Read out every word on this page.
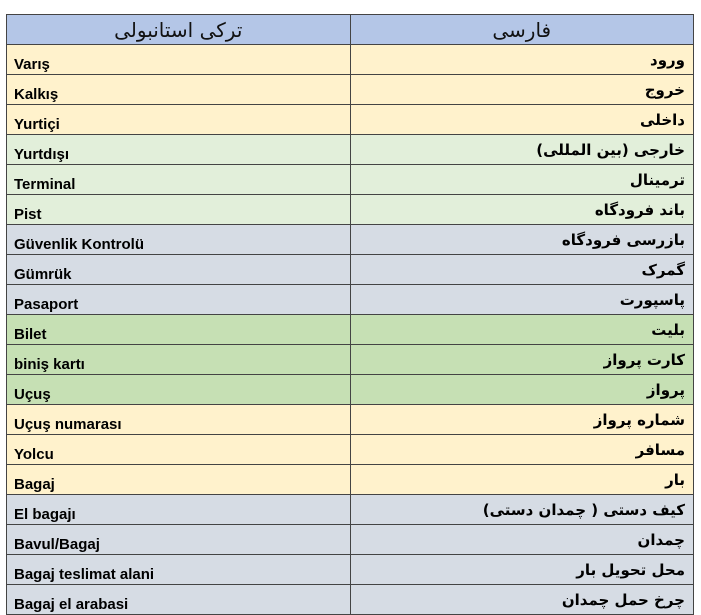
ترکی استانبولی	فارسی
Varış	ورود
Kalkış	خروج
Yurtiçi	داخلی
Yurtdışı	خارجی (بین المللی)
Terminal	ترمینال
Pist	باند فرودگاه
Güvenlik Kontrolü	بازرسی فرودگاه
Gümrük	گمرک
Pasaport	پاسپورت
Bilet	بلیت
biniş kartı	کارت پرواز
Uçuş	پرواز
Uçuş numarası	شماره پرواز
Yolcu	مسافر
Bagaj	بار
El bagajı	کیف دستی ( چمدان دستی)
Bavul/Bagaj	چمدان
Bagaj teslimat alani	محل تحویل بار
Bagaj el arabasi	چرخ حمل چمدان
